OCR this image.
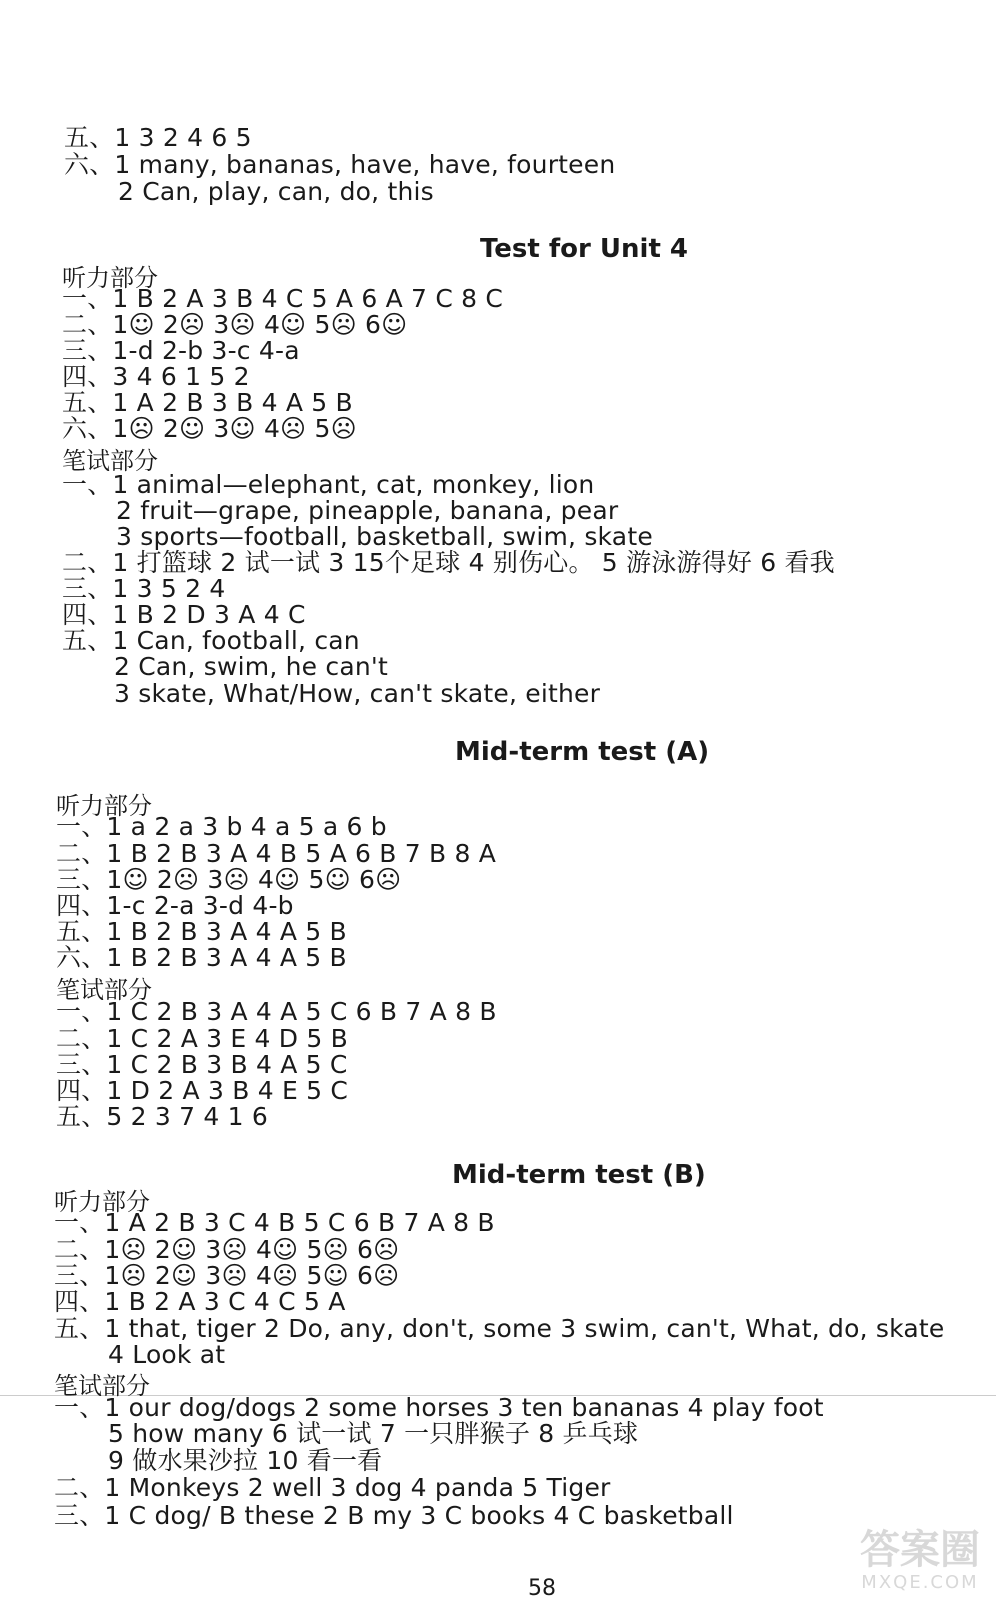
五、1 3 2 4 6 5
六、1 many, bananas, have, have, fourteen
2 Can, play, can, do, this
Test for Unit 4
听力部分
一、1 B 2 A 3 B 4 C 5 A 6 A 7 C 8 C
二、1☺ 2☹ 3☹ 4☺ 5☹ 6☺
三、1-d 2-b 3-c 4-a
四、3 4 6 1 5 2
五、1 A 2 B 3 B 4 A 5 B
六、1☹ 2☺ 3☺ 4☹ 5☹
笔试部分
一、1 animal—elephant, cat, monkey, lion
2 fruit—grape, pineapple, banana, pear
3 sports—football, basketball, swim, skate
二、1 打篮球 2 试一试 3 15个足球 4 别伤心。 5 游泳游得好 6 看我
三、1 3 5 2 4
四、1 B 2 D 3 A 4 C
五、1 Can, football, can
2 Can, swim, he can't
3 skate, What/How, can't skate, either
Mid-term test (A)
听力部分
一、1 a 2 a 3 b 4 a 5 a 6 b
二、1 B 2 B 3 A 4 B 5 A 6 B 7 B 8 A
三、1☺ 2☹ 3☹ 4☺ 5☺ 6☹
四、1-c 2-a 3-d 4-b
五、1 B 2 B 3 A 4 A 5 B
六、1 B 2 B 3 A 4 A 5 B
笔试部分
一、1 C 2 B 3 A 4 A 5 C 6 B 7 A 8 B
二、1 C 2 A 3 E 4 D 5 B
三、1 C 2 B 3 B 4 A 5 C
四、1 D 2 A 3 B 4 E 5 C
五、5 2 3 7 4 1 6
Mid-term test (B)
听力部分
一、1 A 2 B 3 C 4 B 5 C 6 B 7 A 8 B
二、1☹ 2☺ 3☹ 4☺ 5☹ 6☹
三、1☹ 2☺ 3☹ 4☹ 5☺ 6☹
四、1 B 2 A 3 C 4 C 5 A
五、1 that, tiger 2 Do, any, don't, some 3 swim, can't, What, do, skate
4 Look at
笔试部分
一、1 our dog/dogs 2 some horses 3 ten bananas 4 play foot
5 how many 6 试一试 7 一只胖猴子 8 乒乓球
9 做水果沙拉 10 看一看
二、1 Monkeys 2 well 3 dog 4 panda 5 Tiger
三、1 C dog/ B these 2 B my 3 C books 4 C basketball
58
答案圈
MXQE.COM
